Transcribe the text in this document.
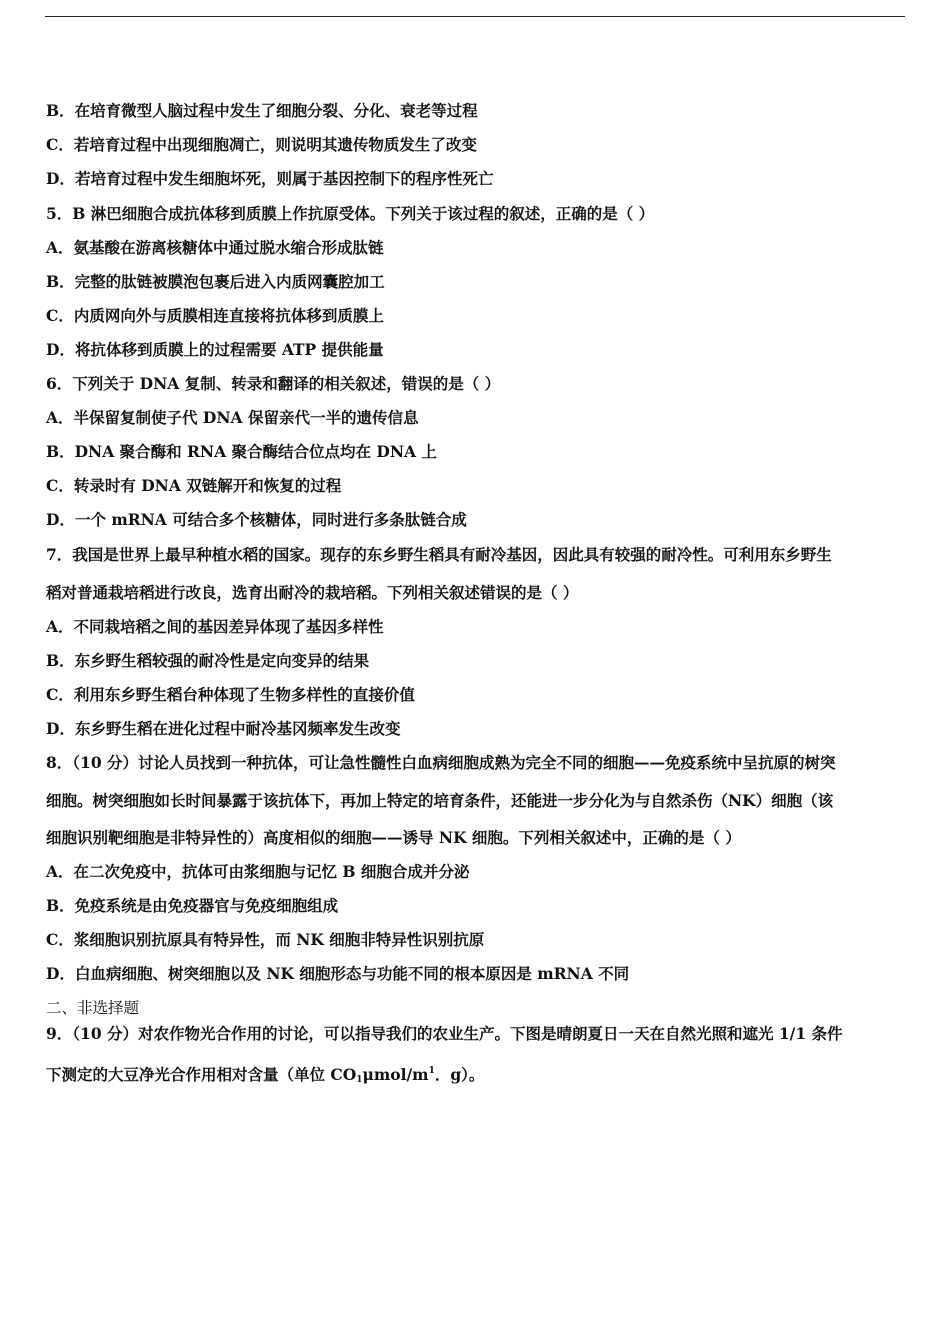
B．在培育微型人脑过程中发生了细胞分裂、分化、衰老等过程
C．若培育过程中出现细胞凋亡，则说明其遗传物质发生了改变
D．若培育过程中发生细胞坏死，则属于基因控制下的程序性死亡
5．B 淋巴细胞合成抗体移到质膜上作抗原受体。下列关于该过程的叙述，正确的是（ ）
A．氨基酸在游离核糖体中通过脱水缩合形成肽链
B．完整的肽链被膜泡包裹后进入内质网囊腔加工
C．内质网向外与质膜相连直接将抗体移到质膜上
D．将抗体移到质膜上的过程需要 ATP 提供能量
6．下列关于 DNA 复制、转录和翻译的相关叙述，错误的是（ ）
A．半保留复制使子代 DNA 保留亲代一半的遗传信息
B．DNA 聚合酶和 RNA 聚合酶结合位点均在 DNA 上
C．转录时有 DNA 双链解开和恢复的过程
D．一个 mRNA 可结合多个核糖体，同时进行多条肽链合成
7．我国是世界上最早种植水稻的国家。现存的东乡野生稻具有耐冷基因，因此具有较强的耐冷性。可利用东乡野生
稻对普通栽培稻进行改良，选育出耐冷的栽培稻。下列相关叙述错误的是（ ）
A．不同栽培稻之间的基因差异体现了基因多样性
B．东乡野生稻较强的耐冷性是定向变异的结果
C．利用东乡野生稻台种体现了生物多样性的直接价值
D．东乡野生稻在进化过程中耐冷基冈频率发生改变
8．（10 分）讨论人员找到一种抗体，可让急性髓性白血病细胞成熟为完全不同的细胞——免疫系统中呈抗原的树突
细胞。树突细胞如长时间暴露于该抗体下，再加上特定的培育条件，还能进一步分化为与自然杀伤（NK）细胞（该
细胞识别靶细胞是非特异性的）高度相似的细胞——诱导 NK 细胞。下列相关叙述中，正确的是（ ）
A．在二次免疫中，抗体可由浆细胞与记忆 B 细胞合成并分泌
B．免疫系统是由免疫器官与免疫细胞组成
C．浆细胞识别抗原具有特异性，而 NK 细胞非特异性识别抗原
D．白血病细胞、树突细胞以及 NK 细胞形态与功能不同的根本原因是 mRNA 不同
二、非选择题
9．（10 分）对农作物光合作用的讨论，可以指导我们的农业生产。下图是晴朗夏日一天在自然光照和遮光 1/1 条件
下测定的大豆净光合作用相对含量（单位 $CO_1\mu mol/m^1$．g）。
